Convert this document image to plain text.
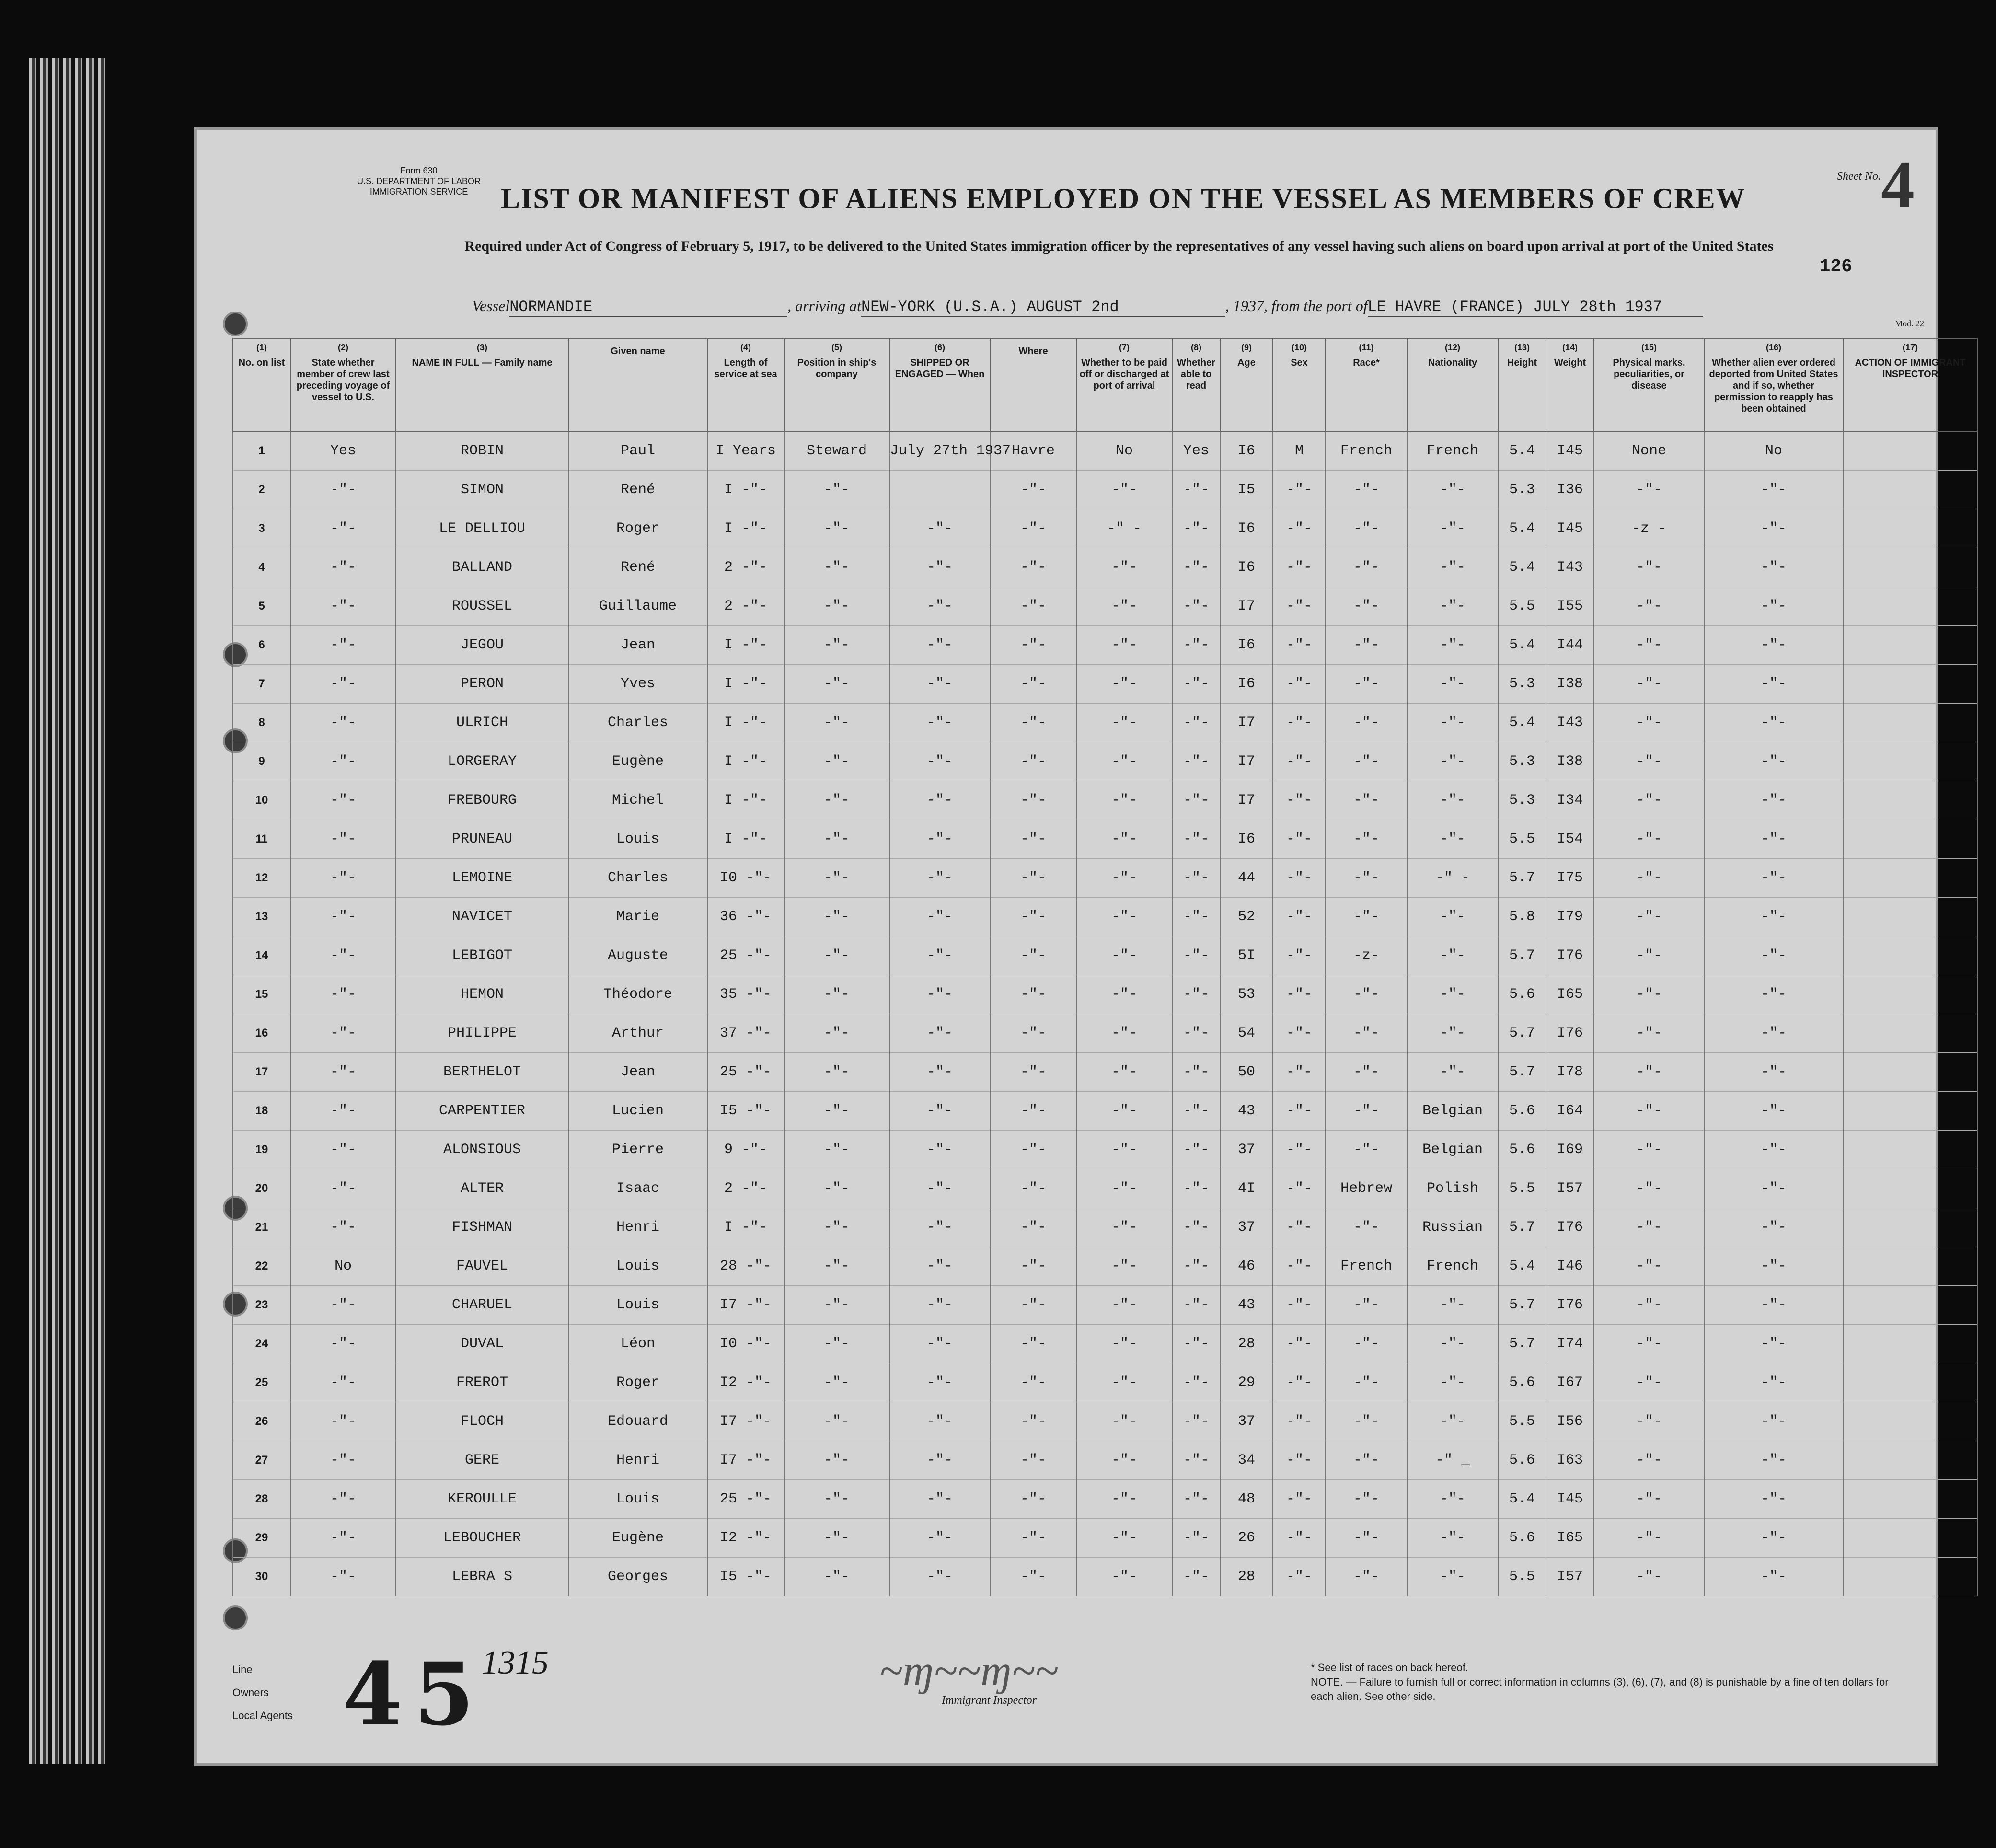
Form 630
U.S. DEPARTMENT OF LABOR
IMMIGRATION SERVICE	LIST OR MANIFEST OF ALIENS EMPLOYED ON THE VESSEL AS MEMBERS OF CREW
Required under Act of Congress of February 5, 1917, to be delivered to the United States immigration officer by the representatives of any vessel having such aliens on board upon arrival at port of the United States
Sheet No. 4
126
VesselNORMANDIE	, arriving atNEW-YORK (U.S.A.) AUGUST 2nd	, 1937, from the port ofLE HAVRE (FRANCE) JULY 28th 1937
Mod. 22
(1)
No. on list	(2)
State whether member of crew last preceding voyage of vessel to U.S.	(3)
NAME IN FULL — Family name	Given name	(4)
Length of service at sea	(5)
Position in ship's company	(6)
SHIPPED OR ENGAGED — When	Where	(7)
Whether to be paid off or discharged at port of arrival	(8)
Whether able to read	(9)
Age	(10)
Sex	(11)
Race*	(12)
Nationality	(13)
Height	(14)
Weight	(15)
Physical marks, peculiarities, or disease	(16)
Whether alien ever ordered deported from United States and if so, whether permission to reapply has been obtained	(17)
ACTION OF IMMIGRANT INSPECTOR
1	Yes	ROBIN	Paul	I Years	Steward	July 27th 1937	Havre	No	Yes	I6	M	French	French	5.4	I45	None	No	
2	-"-	SIMON	René	I -"-	-"-		-"-	-"-	-"-	I5	-"-	-"-	-"-	5.3	I36	-"-	-"-	
3	-"-	LE DELLIOU	Roger	I -"-	-"-	-"-	-"-	-" -	-"-	I6	-"-	-"-	-"-	5.4	I45	-z -	-"-	
4	-"-	BALLAND	René	2 -"-	-"-	-"-	-"-	-"-	-"-	I6	-"-	-"-	-"-	5.4	I43	-"-	-"-	
5	-"-	ROUSSEL	Guillaume	2 -"-	-"-	-"-	-"-	-"-	-"-	I7	-"-	-"-	-"-	5.5	I55	-"-	-"-	
6	-"-	JEGOU	Jean	I -"-	-"-	-"-	-"-	-"-	-"-	I6	-"-	-"-	-"-	5.4	I44	-"-	-"-	
7	-"-	PERON	Yves	I -"-	-"-	-"-	-"-	-"-	-"-	I6	-"-	-"-	-"-	5.3	I38	-"-	-"-	
8	-"-	ULRICH	Charles	I -"-	-"-	-"-	-"-	-"-	-"-	I7	-"-	-"-	-"-	5.4	I43	-"-	-"-	
9	-"-	LORGERAY	Eugène	I -"-	-"-	-"-	-"-	-"-	-"-	I7	-"-	-"-	-"-	5.3	I38	-"-	-"-	
10	-"-	FREBOURG	Michel	I -"-	-"-	-"-	-"-	-"-	-"-	I7	-"-	-"-	-"-	5.3	I34	-"-	-"-	
11	-"-	PRUNEAU	Louis	I -"-	-"-	-"-	-"-	-"-	-"-	I6	-"-	-"-	-"-	5.5	I54	-"-	-"-	
12	-"-	LEMOINE	Charles	I0 -"-	-"-	-"-	-"-	-"-	-"-	44	-"-	-"-	-" -	5.7	I75	-"-	-"-	
13	-"-	NAVICET	Marie	36 -"-	-"-	-"-	-"-	-"-	-"-	52	-"-	-"-	-"-	5.8	I79	-"-	-"-	
14	-"-	LEBIGOT	Auguste	25 -"-	-"-	-"-	-"-	-"-	-"-	5I	-"-	-z-	-"-	5.7	I76	-"-	-"-	
15	-"-	HEMON	Théodore	35 -"-	-"-	-"-	-"-	-"-	-"-	53	-"-	-"-	-"-	5.6	I65	-"-	-"-	
16	-"-	PHILIPPE	Arthur	37 -"-	-"-	-"-	-"-	-"-	-"-	54	-"-	-"-	-"-	5.7	I76	-"-	-"-	
17	-"-	BERTHELOT	Jean	25 -"-	-"-	-"-	-"-	-"-	-"-	50	-"-	-"-	-"-	5.7	I78	-"-	-"-	
18	-"-	CARPENTIER	Lucien	I5 -"-	-"-	-"-	-"-	-"-	-"-	43	-"-	-"-	Belgian	5.6	I64	-"-	-"-	
19	-"-	ALONSIOUS	Pierre	9 -"-	-"-	-"-	-"-	-"-	-"-	37	-"-	-"-	Belgian	5.6	I69	-"-	-"-	
20	-"-	ALTER	Isaac	2 -"-	-"-	-"-	-"-	-"-	-"-	4I	-"-	Hebrew	Polish	5.5	I57	-"-	-"-	
21	-"-	FISHMAN	Henri	I -"-	-"-	-"-	-"-	-"-	-"-	37	-"-	-"-	Russian	5.7	I76	-"-	-"-	
22	No	FAUVEL	Louis	28 -"-	-"-	-"-	-"-	-"-	-"-	46	-"-	French	French	5.4	I46	-"-	-"-	
23	-"-	CHARUEL	Louis	I7 -"-	-"-	-"-	-"-	-"-	-"-	43	-"-	-"-	-"-	5.7	I76	-"-	-"-	
24	-"-	DUVAL	Léon	I0 -"-	-"-	-"-	-"-	-"-	-"-	28	-"-	-"-	-"-	5.7	I74	-"-	-"-	
25	-"-	FREROT	Roger	I2 -"-	-"-	-"-	-"-	-"-	-"-	29	-"-	-"-	-"-	5.6	I67	-"-	-"-	
26	-"-	FLOCH	Edouard	I7 -"-	-"-	-"-	-"-	-"-	-"-	37	-"-	-"-	-"-	5.5	I56	-"-	-"-	
27	-"-	GERE	Henri	I7 -"-	-"-	-"-	-"-	-"-	-"-	34	-"-	-"-	-" _	5.6	I63	-"-	-"-	
28	-"-	KEROULLE	Louis	25 -"-	-"-	-"-	-"-	-"-	-"-	48	-"-	-"-	-"-	5.4	I45	-"-	-"-	
29	-"-	LEBOUCHER	Eugène	I2 -"-	-"-	-"-	-"-	-"-	-"-	26	-"-	-"-	-"-	5.6	I65	-"-	-"-	
30	-"-	LEBRA S	Georges	I5 -"-	-"-	-"-	-"-	-"-	-"-	28	-"-	-"-	-"-	5.5	I57	-"-	-"-	
Line
Owners
Local Agents 45
1315	~ɱ~~ɱ~~
Immigrant Inspector
* See list of races on back hereof.
NOTE. — Failure to furnish full or correct information in columns (3), (6), (7), and (8) is punishable by a fine of ten dollars for each alien. See other side.
